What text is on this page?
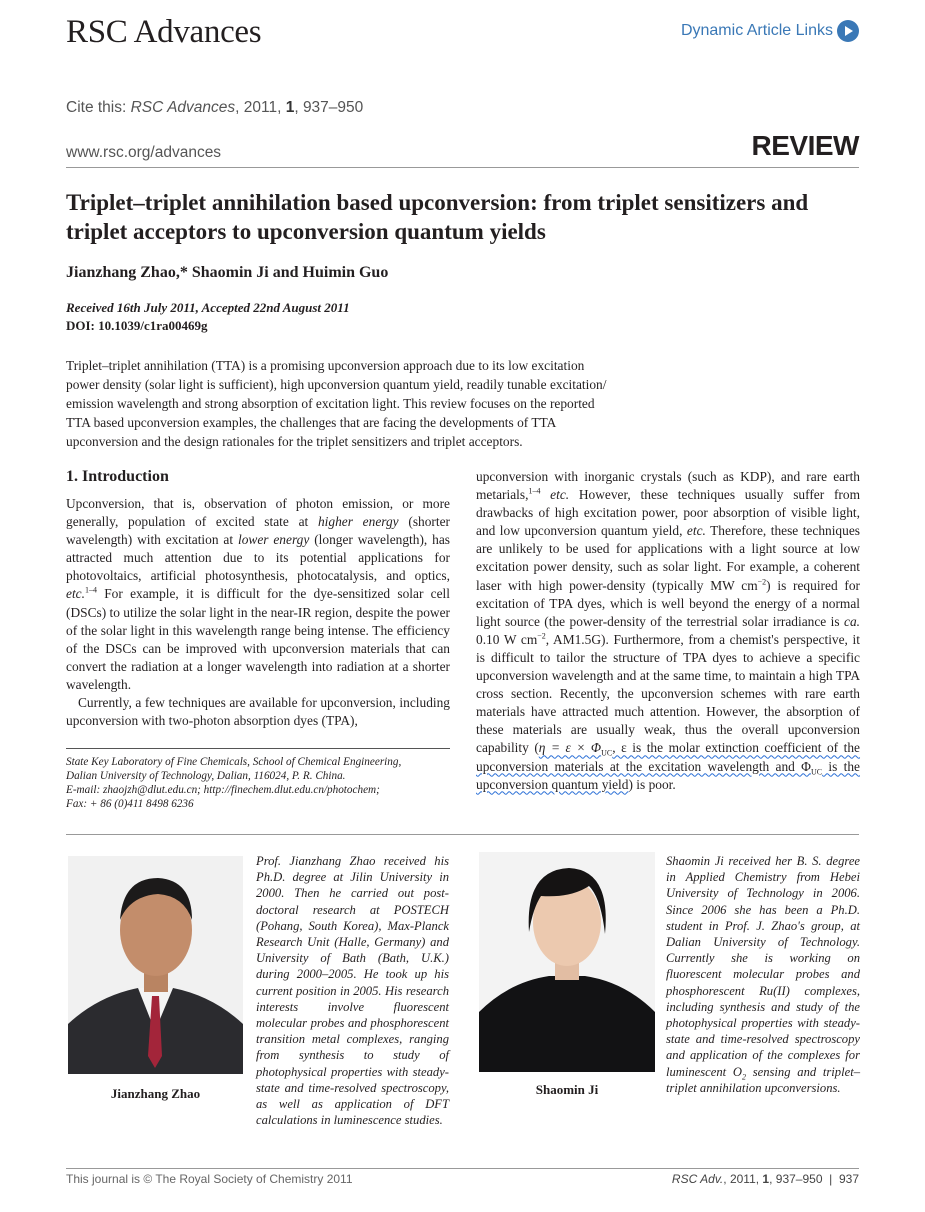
RSC Advances	Dynamic Article Links
Cite this: RSC Advances, 2011, 1, 937–950
www.rsc.org/advances	REVIEW
Triplet–triplet annihilation based upconversion: from triplet sensitizers and triplet acceptors to upconversion quantum yields
Jianzhang Zhao,* Shaomin Ji and Huimin Guo
Received 16th July 2011, Accepted 22nd August 2011
DOI: 10.1039/c1ra00469g
Triplet–triplet annihilation (TTA) is a promising upconversion approach due to its low excitation
power density (solar light is sufficient), high upconversion quantum yield, readily tunable excitation/
emission wavelength and strong absorption of excitation light. This review focuses on the reported
TTA based upconversion examples, the challenges that are facing the developments of TTA
upconversion and the design rationales for the triplet sensitizers and triplet acceptors.
1. Introduction

Upconversion, that is, observation of photon emission, or more generally, population of excited state at higher energy (shorter wavelength) with excitation at lower energy (longer wavelength), has attracted much attention due to its potential applications for photovoltaics, artificial photosynthesis, photocatalysis, and optics, etc.$^{1-4}$ For example, it is difficult for the dye-sensitized solar cell (DSCs) to utilize the solar light in the near-IR region, despite the power of the solar light in this wavelength range being intense. The efficiency of the DSCs can be improved with upconversion materials that can convert the radiation at a longer wavelength into radiation at a shorter wavelength.

Currently, a few techniques are available for upconversion, including upconversion with two-photon absorption dyes (TPA),

State Key Laboratory of Fine Chemicals, School of Chemical Engineering,
Dalian University of Technology, Dalian, 116024, P. R. China.
E-mail: zhaojzh@dlut.edu.cn; http://finechem.dlut.edu.cn/photochem;
Fax: + 86 (0)411 8498 6236

upconversion with inorganic crystals (such as KDP), and rare earth metarials,$^{1-4}$ etc. However, these techniques usually suffer from drawbacks of high excitation power, poor absorption of visible light, and low upconversion quantum yield, etc. Therefore, these techniques are unlikely to be used for applications with a light source at low excitation power density, such as solar light. For example, a coherent laser with high power-density (typically MW $cm^{-2}$) is required for excitation of TPA dyes, which is well beyond the energy of a normal light source (the power-density of the terrestrial solar irradiance is ca. 0.10 W $cm^{-2}$, AM1.5G). Furthermore, from a chemist's perspective, it is difficult to tailor the structure of TPA dyes to achieve a specific upconversion wavelength and at the same time, to maintain a high TPA cross section. Recently, the upconversion schemes with rare earth materials have attracted much attention. However, the absorption of these materials are usually weak, thus the overall upconversion capability ($\eta = \varepsilon \times \Phi_{UC}$, ε is the molar extinction coefficient of the upconversion materials at the excitation wavelength and $\Phi_{UC}$ is the upconversion quantum yield) is poor.

Jianzhang Zhao
Prof. Jianzhang Zhao received his Ph.D. degree at Jilin University in 2000. Then he carried out post-doctoral research at POSTECH (Pohang, South Korea), Max-Planck Research Unit (Halle, Germany) and University of Bath (Bath, U.K.) during 2000–2005. He took up his current position in 2005. His research interests involve fluorescent molecular probes and phosphorescent transition metal complexes, ranging from synthesis to study of photophysical properties with steady-state and time-resolved spectroscopy, as well as application of DFT calculations in luminescence studies.
Shaomin Ji
Shaomin Ji received her B. S. degree in Applied Chemistry from Hebei University of Technology in 2006. Since 2006 she has been a Ph.D. student in Prof. J. Zhao's group, at Dalian University of Technology. Currently she is working on fluorescent molecular probes and phosphorescent Ru(II) complexes, including synthesis and study of the photophysical properties with steady-state and time-resolved spectroscopy and application of the complexes for luminescent $O_2$ sensing and triplet–triplet annihilation upconversions.
This journal is © The Royal Society of Chemistry 2011	RSC Adv., 2011, 1, 937–950 | 937
